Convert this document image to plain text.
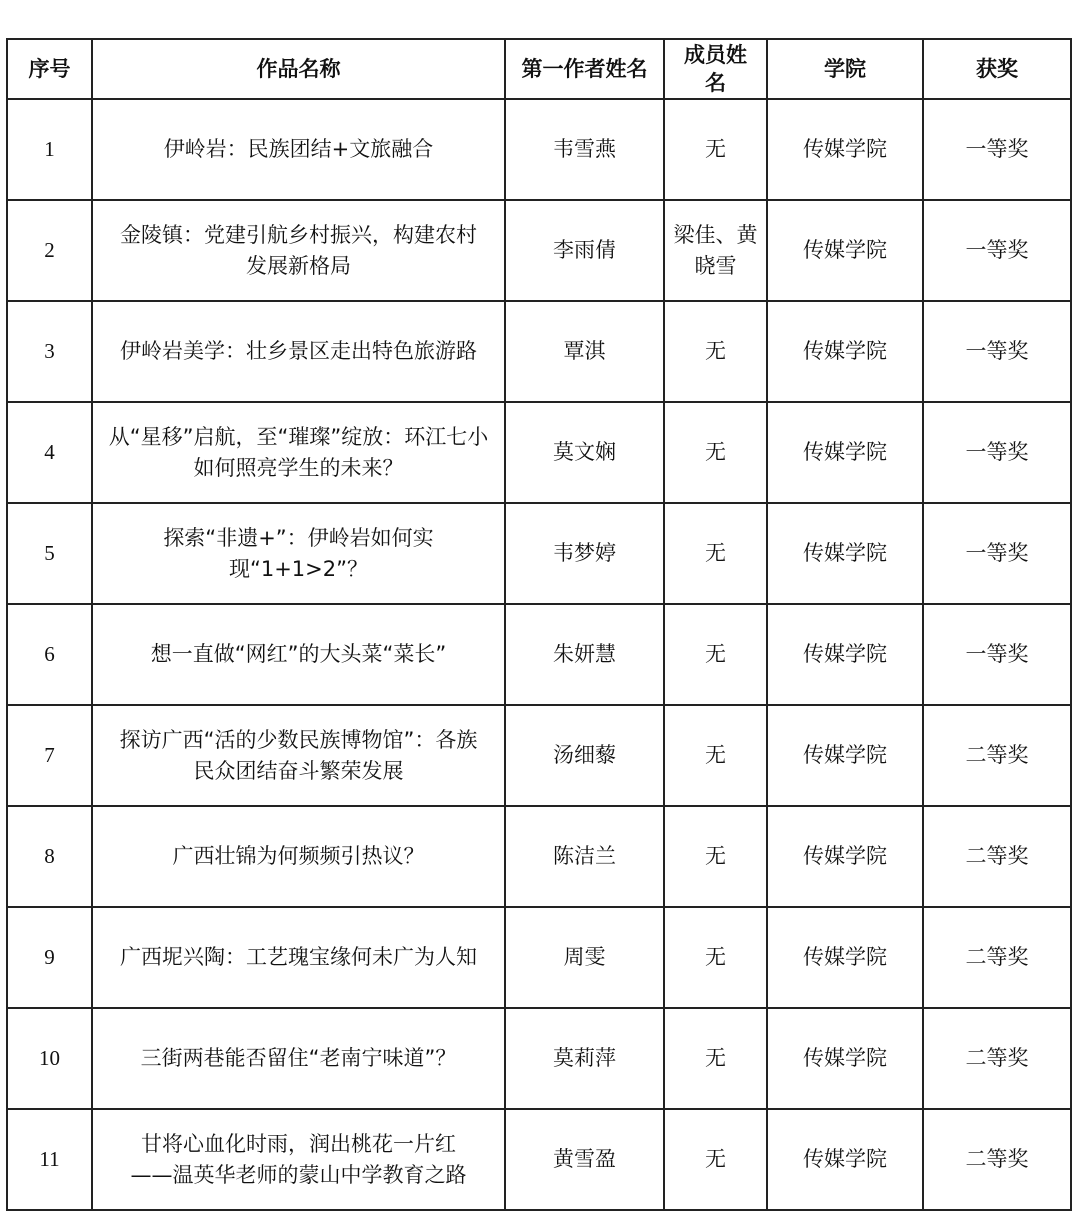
序号	作品名称	第一作者姓名	成员姓名	学院	获奖
1	伊岭岩：民族团结+文旅融合	韦雪燕	无	传媒学院	一等奖
2	金陵镇：党建引航乡村振兴，构建农村
发展新格局	李雨倩	梁佳、黄晓雪	传媒学院	一等奖
3	伊岭岩美学：壮乡景区走出特色旅游路	覃淇	无	传媒学院	一等奖
4	从“星移”启航，至“璀璨”绽放：环江七小
如何照亮学生的未来？	莫文娴	无	传媒学院	一等奖
5	探索“非遗+”：伊岭岩如何实现“1+1>2”？	韦梦婷	无	传媒学院	一等奖
6	想一直做“网红”的大头菜“菜长”	朱妍慧	无	传媒学院	一等奖
7	探访广西“活的少数民族博物馆”：各族
民众团结奋斗繁荣发展	汤细藜	无	传媒学院	二等奖
8	广西壮锦为何频频引热议？	陈洁兰	无	传媒学院	二等奖
9	广西坭兴陶：工艺瑰宝缘何未广为人知	周雯	无	传媒学院	二等奖
10	三街两巷能否留住“老南宁味道”？	莫莉萍	无	传媒学院	二等奖
11	甘将心血化时雨，润出桃花一片红
——温英华老师的蒙山中学教育之路	黄雪盈	无	传媒学院	二等奖
